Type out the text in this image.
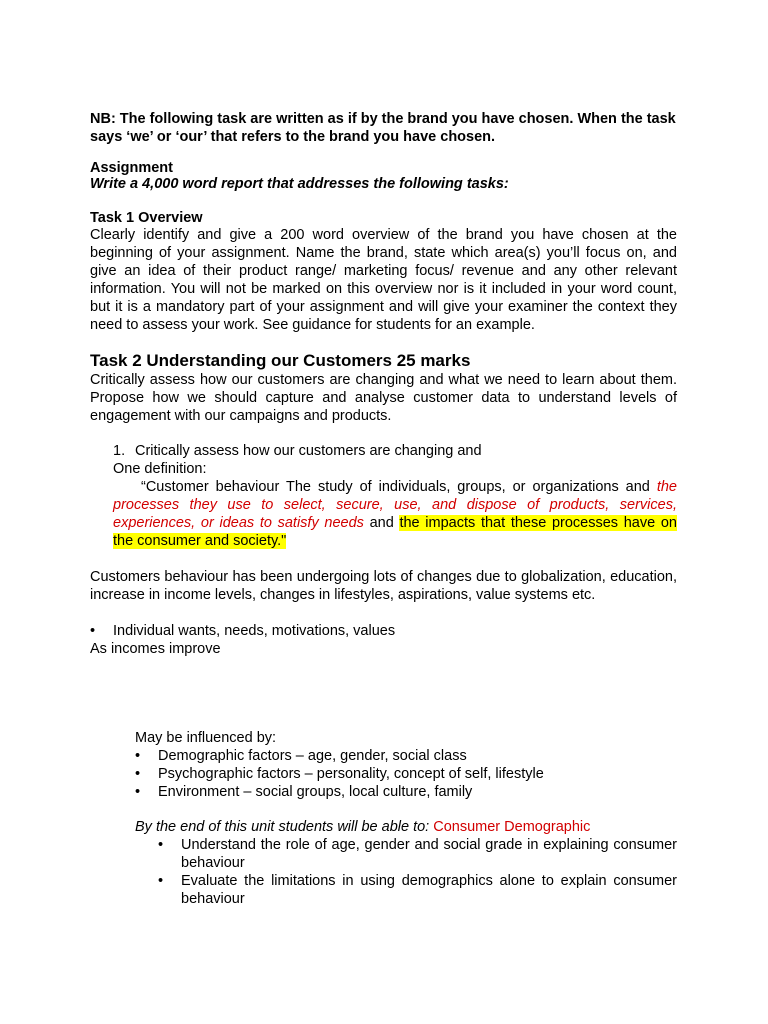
NB: The following task are written as if by the brand you have chosen. When the task
says ‘we’ or ‘our’ that refers to the brand you have chosen.
Assignment
Write a 4,000 word report that addresses the following tasks:
Task 1 Overview
Clearly identify and give a 200 word overview of the brand you have chosen at the beginning of your assignment. Name the brand, state which area(s) you’ll focus on, and give an idea of their product range/ marketing focus/ revenue and any other relevant information. You will not be marked on this overview nor is it included in your word count, but it is a mandatory part of your assignment and will give your examiner the context they need to assess your work. See guidance for students for an example.
Task 2 Understanding our Customers 25 marks
Critically assess how our customers are changing and what we need to learn about them. Propose how we should capture and analyse customer data to understand levels of engagement with our campaigns and products.
1. Critically assess how our customers are changing and
One definition:
“Customer behaviour The study of individuals, groups, or organizations and the
processes they use to select, secure, use, and dispose of products, services,
experiences, or ideas to satisfy needs and the impacts that these processes have on
the consumer and society."
Customers behaviour has been undergoing lots of changes due to globalization, education, increase in income levels, changes in lifestyles, aspirations, value systems etc.
• Individual wants, needs, motivations, values
As incomes improve
May be influenced by:
• Demographic factors – age, gender, social class
• Psychographic factors – personality, concept of self, lifestyle
• Environment – social groups, local culture, family
By the end of this unit students will be able to: Consumer Demographic
• Understand the role of age, gender and social grade in explaining consumer behaviour
• Evaluate the limitations in using demographics alone to explain consumer behaviour
